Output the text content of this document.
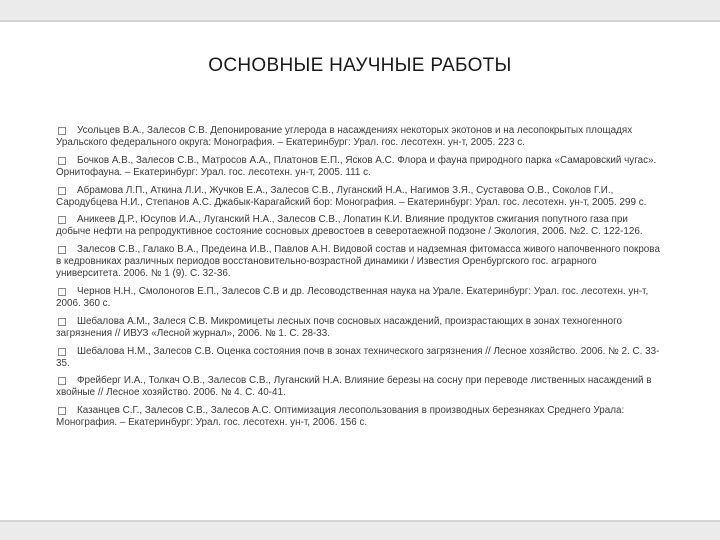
ОСНОВНЫЕ НАУЧНЫЕ РАБОТЫ
Усольцев В.А., Залесов С.В. Депонирование углерода в насаждениях некоторых экотонов и на лесопокрытых площадях Уральского федерального округа: Монография. – Екатеринбург: Урал. гос. лесотехн. ун-т, 2005. 223 с.
Бочков А.В., Залесов С.В., Матросов А.А., Платонов Е.П., Ясков А.С. Флора и фауна природного парка «Самаровский чугас». Орнитофауна. – Екатеринбург: Урал. гос. лесотехн. ун-т, 2005. 111 с.
Абрамова Л.П., Аткина Л.И., Жучков Е.А., Залесов С.В., Луганский Н.А., Нагимов З.Я., Суставова О.В., Соколов Г.И., Сародубцева Н.И., Степанов А.С. Джабык-Карагайский бор: Монография. – Екатеринбург: Урал. гос. лесотехн. ун-т, 2005. 299 с.
Аникеев Д.Р., Юсупов И.А., Луганский Н.А., Залесов С.В., Лопатин К.И. Влияние продуктов сжигания попутного газа при добыче нефти на репродуктивное состояние сосновых древостоев в северотаежной подзоне / Экология, 2006. №2. С. 122-126.
Залесов С.В., Галако В.А., Предеина И.В., Павлов А.Н. Видовой состав и надземная фитомасса живого напочвенного покрова в кедровниках различных периодов восстановительно-возрастной динамики / Известия Оренбургского гос. аграрного университета. 2006. № 1 (9). С. 32-36.
Чернов Н.Н., Смолоногов Е.П., Залесов С.В и др. Лесоводственная наука на Урале. Екатеринбург: Урал. гос. лесотехн. ун-т, 2006. 360 с.
Шебалова А.М., Залеся С.В. Микромицеты лесных почв сосновых насаждений, произрастающих в зонах техногенного загрязнения // ИВУЗ «Лесной журнал», 2006. № 1. С. 28-33.
Шебалова Н.М., Залесов С.В. Оценка состояния почв в зонах технического загрязнения // Лесное хозяйство. 2006. № 2. С. 33-35.
Фрейберг И.А., Толкач О.В., Залесов С.В., Луганский Н.А. Влияние березы на сосну при переводе лиственных насаждений в хвойные // Лесное хозяйство. 2006. № 4. С. 40-41.
Казанцев С.Г., Залесов С.В., Залесов А.С. Оптимизация лесопользования в производных березняках Среднего Урала: Монография. – Екатеринбург: Урал. гос. лесотехн. ун-т, 2006. 156 с.
